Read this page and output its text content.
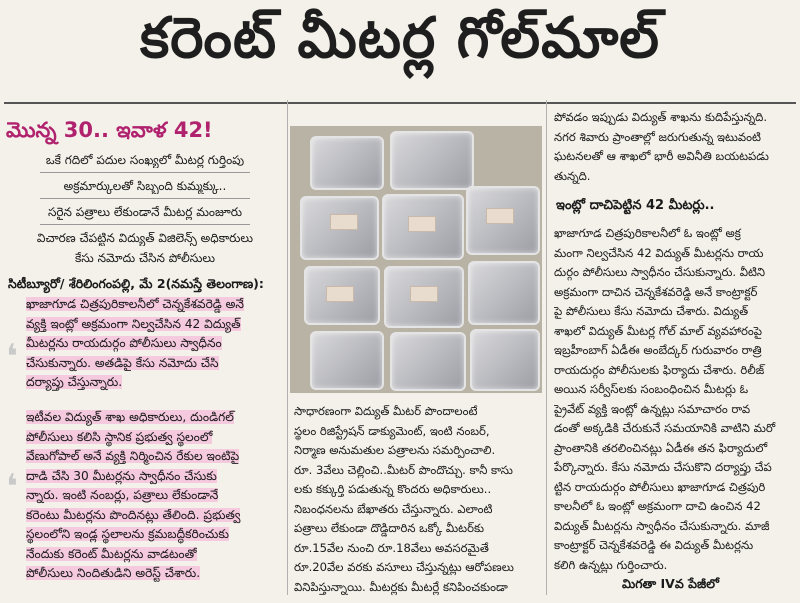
కరెంట్ మీటర్ల గోల్‌మాల్
మొన్న 30.. ఇవాళ 42!
ఒకే గదిలో పదుల సంఖ్యలో మీటర్ల గుర్తింపు
అక్రమార్కులతో సిబ్బంది కుమ్మక్కు..
సరైన పత్రాలు లేకుండానే మీటర్ల మంజూరు
విచారణ చేపట్టిన విద్యుత్ విజిలెన్స్ అధికారులు
కేసు నమోదు చేసిన పోలీసులు
సిటీబ్యూరో/ శేరిలింగంపల్లి, మే 2(నమస్తే తెలంగాణ):
ఖాజాగూడ చిత్రపురికాలనీలో చెన్నకేశవరెడ్డి అనే
వ్యక్తి ఇంట్లో అక్రమంగా నిల్వచేసిన 42 విద్యుత్
మీటర్లను రాయదుర్గం పోలీసులు స్వాధీనం
చేసుకున్నారు. అతడిపై కేసు నమోదు చేసి
దర్యాప్తు చేస్తున్నారు.
❛
ఇటీవల విద్యుత్ శాఖ అధికారులు, దుండిగల్
పోలీసులు కలిసి స్థానిక ప్రభుత్వ స్థలంలో
వేణుగోపాల్ అనే వ్యక్తి నిర్మించిన రేకుల ఇంటిపై
దాడి చేసి 30 మీటర్లను స్వాధీనం చేసుకు
న్నారు. ఇంటి నంబర్లు, పత్రాలు లేకుండానే
కరెంటు మీటర్లను పొందినట్లు తేలింది. ప్రభుత్వ
స్థలంలోని ఇండ్ల స్థలాలను క్రమబద్ధీకరించుకు
నేందుకు కరెంట్ మీటర్లను వాడటంతో
పోలీసులు నిందితుడిని అరెస్ట్ చేశారు.
❛
సాధారణంగా విద్యుత్ మీటర్ పొందాలంటే
స్థలం రిజిస్ట్రేషన్ డాక్యుమెంట్, ఇంటి నంబర్,
నిర్మాణ అనుమతుల పత్రాలను సమర్పించాలి.
రూ. 3వేలు చెల్లించి..మీటర్ పొందొచ్చు. కానీ కాసు
లకు కక్కుర్తి పడుతున్న కొందరు అధికారులు..
నిబంధనలను బేఖాతరు చేస్తున్నారు. ఎలాంటి
పత్రాలు లేకుండా దొడ్డిదారిన ఒక్కో మీటర్‌కు
రూ.15వేల నుంచి రూ.18వేలు అవసరమైతే
రూ.20వేల వరకు వసూలు చేస్తున్నట్లు ఆరోపణలు
వినిపిస్తున్నాయి. మీటర్లకు మీటర్లే కనిపించకుండా
పోవడం ఇప్పుడు విద్యుత్ శాఖను కుదిపేస్తున్నది.
నగర శివారు ప్రాంతాల్లో జరుగుతున్న ఇటువంటి
ఘటనలతో ఆ శాఖలో భారీ అవినీతి బయటపడు
తున్నది.
ఇంట్లో దాచిపెట్టిన 42 మీటర్లు..
ఖాజాగూడ చిత్రపురికాలనీలో ఓ ఇంట్లో అక్ర
మంగా నిల్వచేసిన 42 విద్యుత్ మీటర్లను రాయ
దుర్గం పోలీసులు స్వాధీనం చేసుకున్నారు. వీటిని
అక్రమంగా దాచిన చెన్నకేశవరెడ్డి అనే కాంట్రాక్టర్
పై పోలీసులు కేసు నమోదు చేశారు. విద్యుత్
శాఖలో విద్యుత్ మీటర్ల గోల్ మాల్ వ్యవహారంపై
ఇబ్రహీంబాగ్ ఏడీఈ అంబేద్కర్ గురువారం రాత్రి
రాయదుర్గం పోలీసులకు ఫిర్యాదు చేశారు. రిలీజ్
అయిన సర్వీస్‌లకు సంబంధించిన మీటర్లు ఓ
ప్రైవేట్ వ్యక్తి ఇంట్లో ఉన్నట్లు సమాచారం రావ
డంతో అక్కడికి చేరుకునే సమయానికి వాటిని మరో
ప్రాంతానికి తరలించినట్లు ఏడీఈ తన ఫిర్యాదులో
పేర్కొన్నారు. కేసు నమోదు చేసుకొని దర్యాప్తు చేప
ట్టిన రాయదుర్గం పోలీసులు ఖాజాగూడ చిత్రపురి
కాలనీలో ఓ ఇంట్లో అక్రమంగా దాచి ఉంచిన 42
విద్యుత్ మీటర్లను స్వాధీనం చేసుకున్నారు. మాజీ
కాంట్రాక్టర్ చెన్నకేశవరెడ్డి ఈ విద్యుత్ మీటర్లను
కలిగి ఉన్నట్లు గుర్తించారు.
మిగతా IVవ పేజీలో
